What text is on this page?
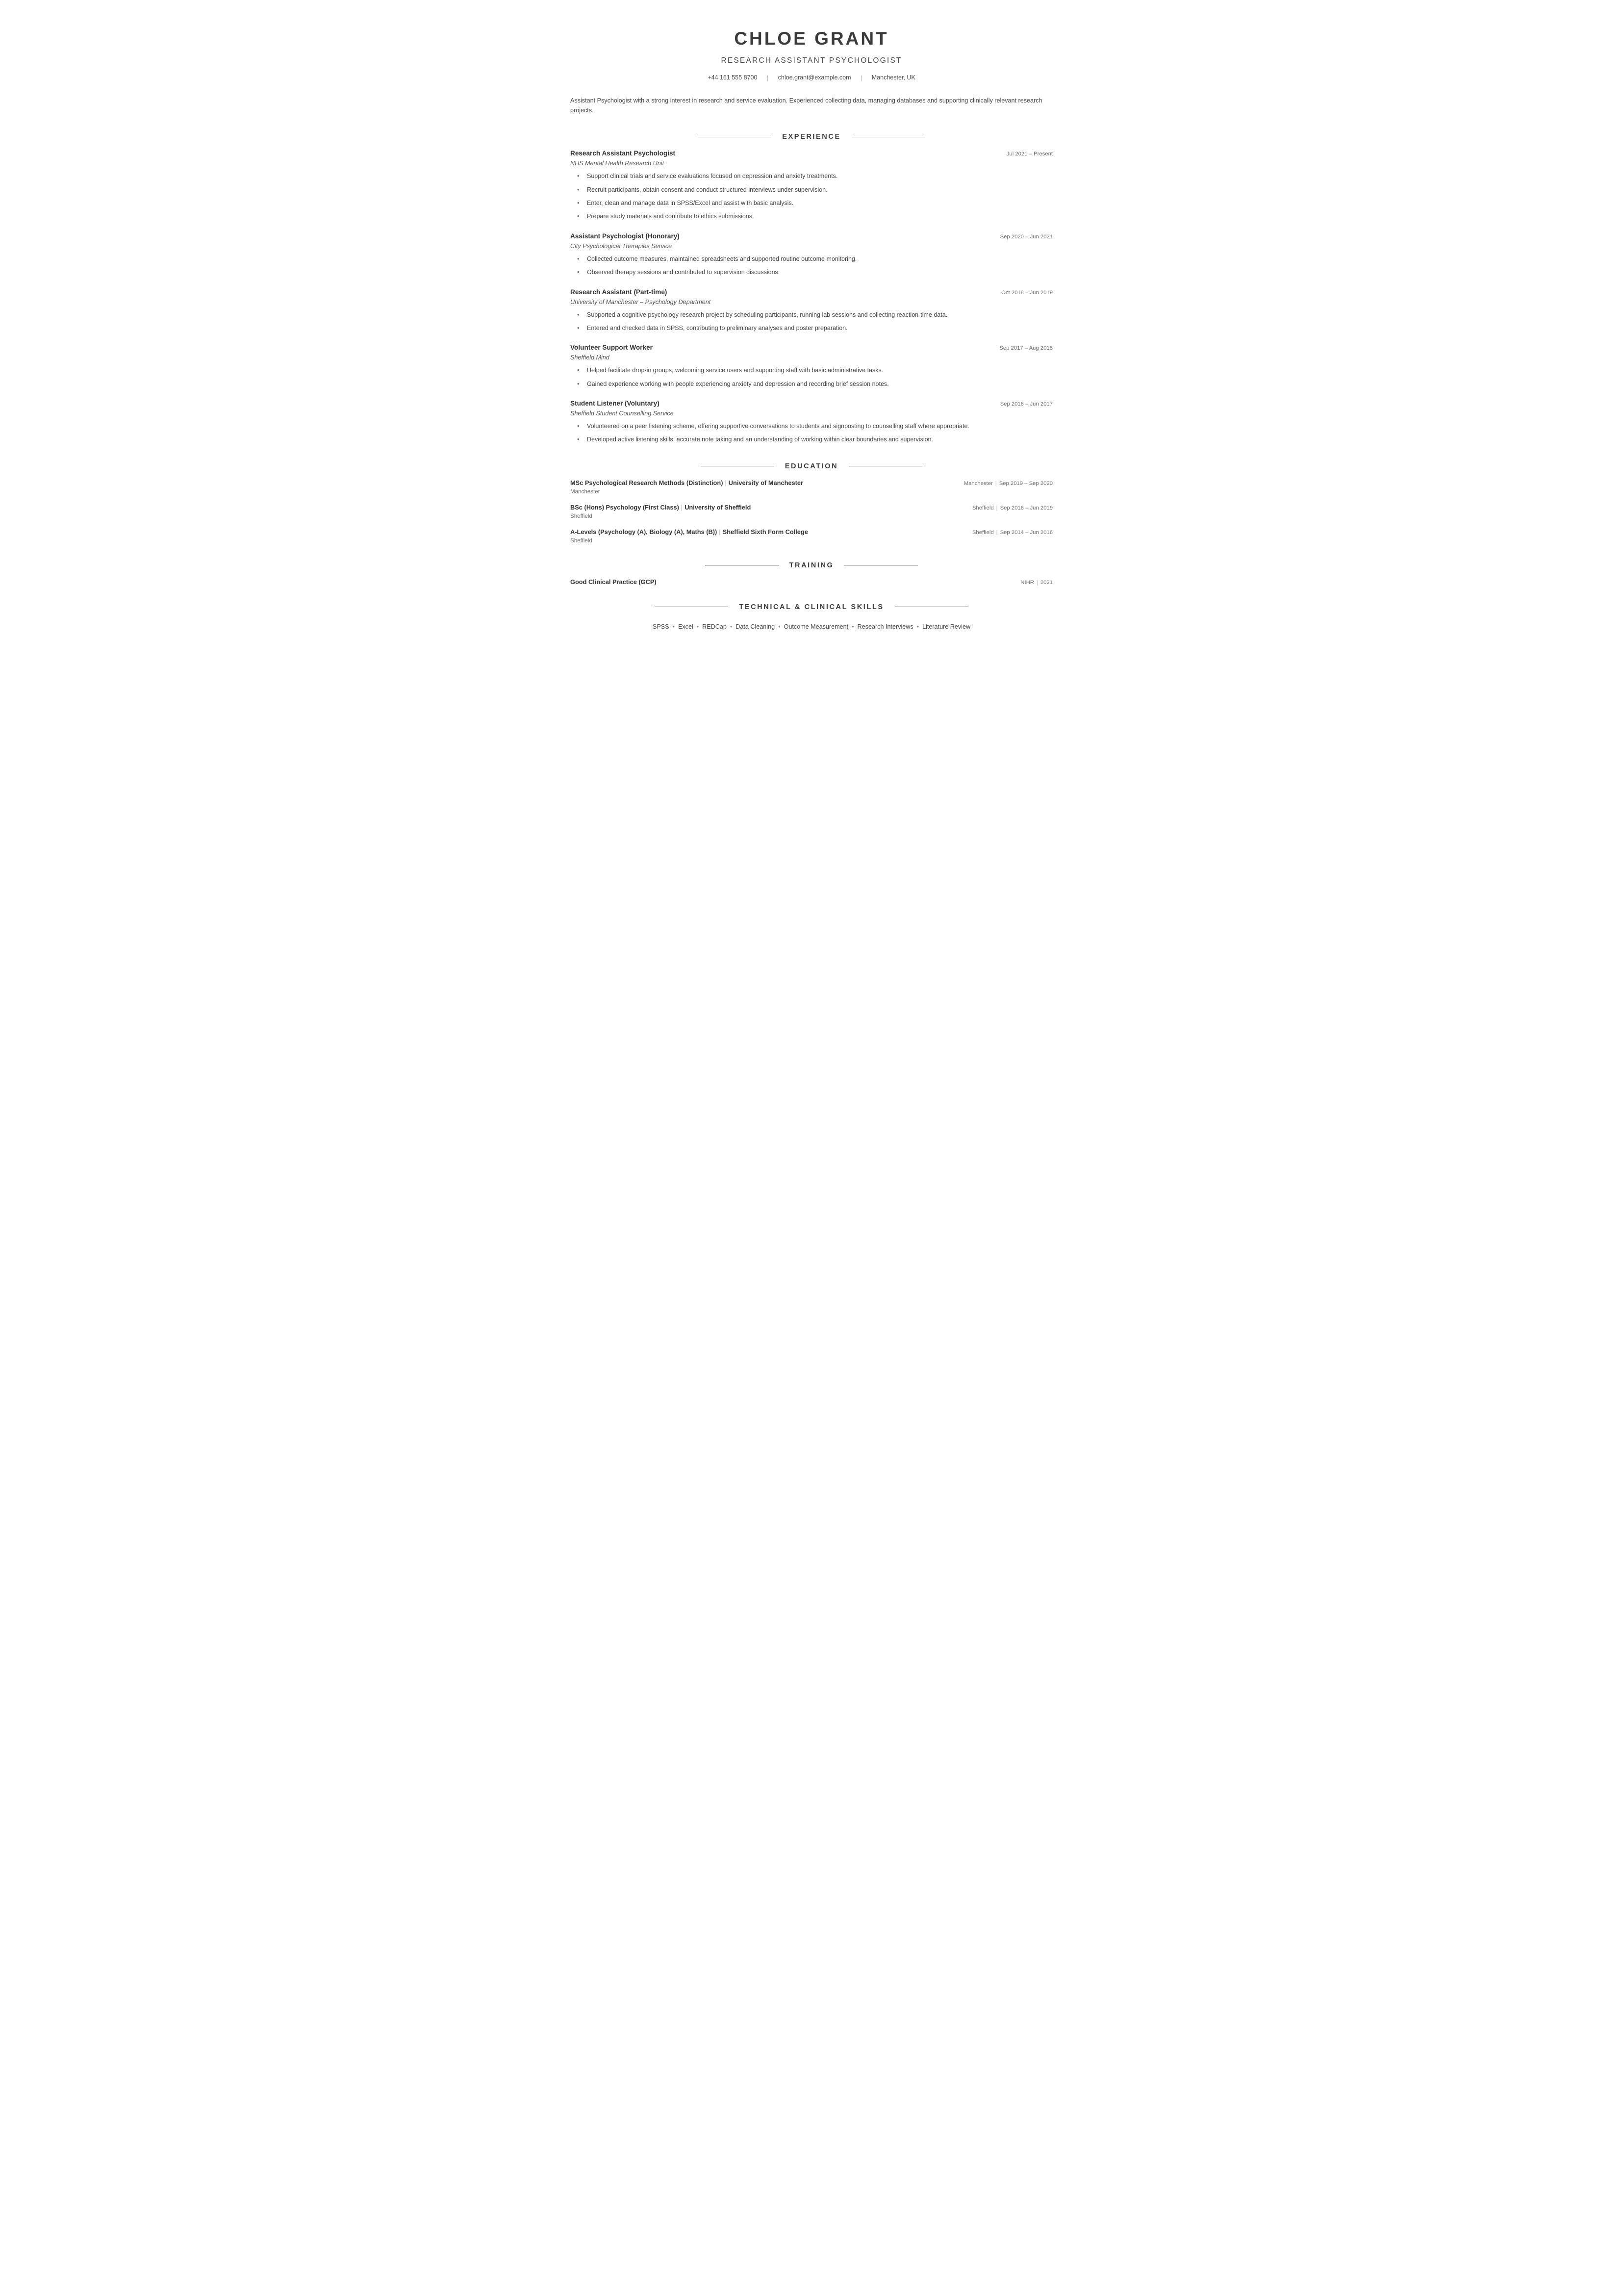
CHLOE GRANT
RESEARCH ASSISTANT PSYCHOLOGIST
+44 161 555 8700 | chloe.grant@example.com | Manchester, UK

Assistant Psychologist with a strong interest in research and service evaluation. Experienced collecting data, managing databases and supporting clinically relevant research projects.

EXPERIENCE
Research Assistant Psychologist	Jul 2021 – Present
NHS Mental Health Research Unit
• Support clinical trials and service evaluations focused on depression and anxiety treatments.
• Recruit participants, obtain consent and conduct structured interviews under supervision.
• Enter, clean and manage data in SPSS/Excel and assist with basic analysis.
• Prepare study materials and contribute to ethics submissions.
Assistant Psychologist (Honorary)	Sep 2020 – Jun 2021
City Psychological Therapies Service
• Collected outcome measures, maintained spreadsheets and supported routine outcome monitoring.
• Observed therapy sessions and contributed to supervision discussions.
Research Assistant (Part-time)	Oct 2018 – Jun 2019
University of Manchester – Psychology Department
• Supported a cognitive psychology research project by scheduling participants, running lab sessions and collecting reaction-time data.
• Entered and checked data in SPSS, contributing to preliminary analyses and poster preparation.
Volunteer Support Worker	Sep 2017 – Aug 2018
Sheffield Mind
• Helped facilitate drop-in groups, welcoming service users and supporting staff with basic administrative tasks.
• Gained experience working with people experiencing anxiety and depression and recording brief session notes.
Student Listener (Voluntary)	Sep 2016 – Jun 2017
Sheffield Student Counselling Service
• Volunteered on a peer listening scheme, offering supportive conversations to students and signposting to counselling staff where appropriate.
• Developed active listening skills, accurate note taking and an understanding of working within clear boundaries and supervision.
EDUCATION
MSc Psychological Research Methods (Distinction) | University of Manchester	Manchester | Sep 2019 – Sep 2020
Manchester
BSc (Hons) Psychology (First Class) | University of Sheffield	Sheffield | Sep 2016 – Jun 2019
Sheffield
A-Levels (Psychology (A), Biology (A), Maths (B)) | Sheffield Sixth Form College	Sheffield | Sep 2014 – Jun 2016
Sheffield
TRAINING
Good Clinical Practice (GCP)	NIHR | 2021
TECHNICAL & CLINICAL SKILLS
SPSS • Excel • REDCap • Data Cleaning • Outcome Measurement • Research Interviews • Literature Review
